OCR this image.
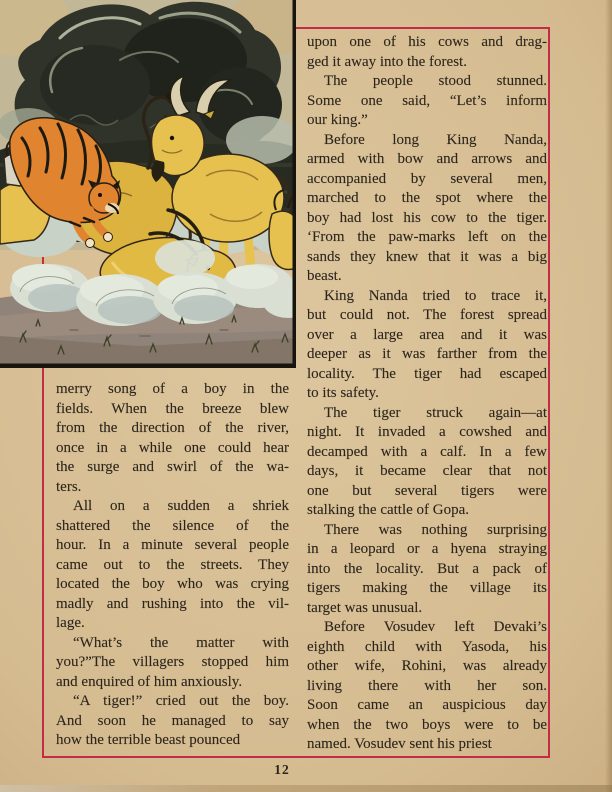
merry song of a boy in the
fields. When the breeze blew
from the direction of the river,
once in a while one could hear
the surge and swirl of the wa-
ters.
All on a sudden a shriek
shattered the silence of the
hour. In a minute several people
came out to the streets. They
located the boy who was crying
madly and rushing into the vil-
lage.
“What’s the matter with
you?”The villagers stopped him
and enquired of him anxiously.
“A tiger!” cried out the boy.
And soon he managed to say
how the terrible beast pounced
upon one of his cows and drag-
ged it away into the forest.
The people stood stunned.
Some one said, “Let’s inform
our king.”
Before long King Nanda,
armed with bow and arrows and
accompanied by several men,
marched to the spot where the
boy had lost his cow to the tiger.
‘From the paw-marks left on the
sands they knew that it was a big
beast.
King Nanda tried to trace it,
but could not. The forest spread
over a large area and it was
deeper as it was farther from the
locality. The tiger had escaped
to its safety.
The tiger struck again—at
night. It invaded a cowshed and
decamped with a calf. In a few
days, it became clear that not
one but several tigers were
stalking the cattle of Gopa.
There was nothing surprising
in a leopard or a hyena straying
into the locality. But a pack of
tigers making the village its
target was unusual.
Before Vosudev left Devaki’s
eighth child with Yasoda, his
other wife, Rohini, was already
living there with her son.
Soon came an auspicious day
when the two boys were to be
named. Vosudev sent his priest
12
